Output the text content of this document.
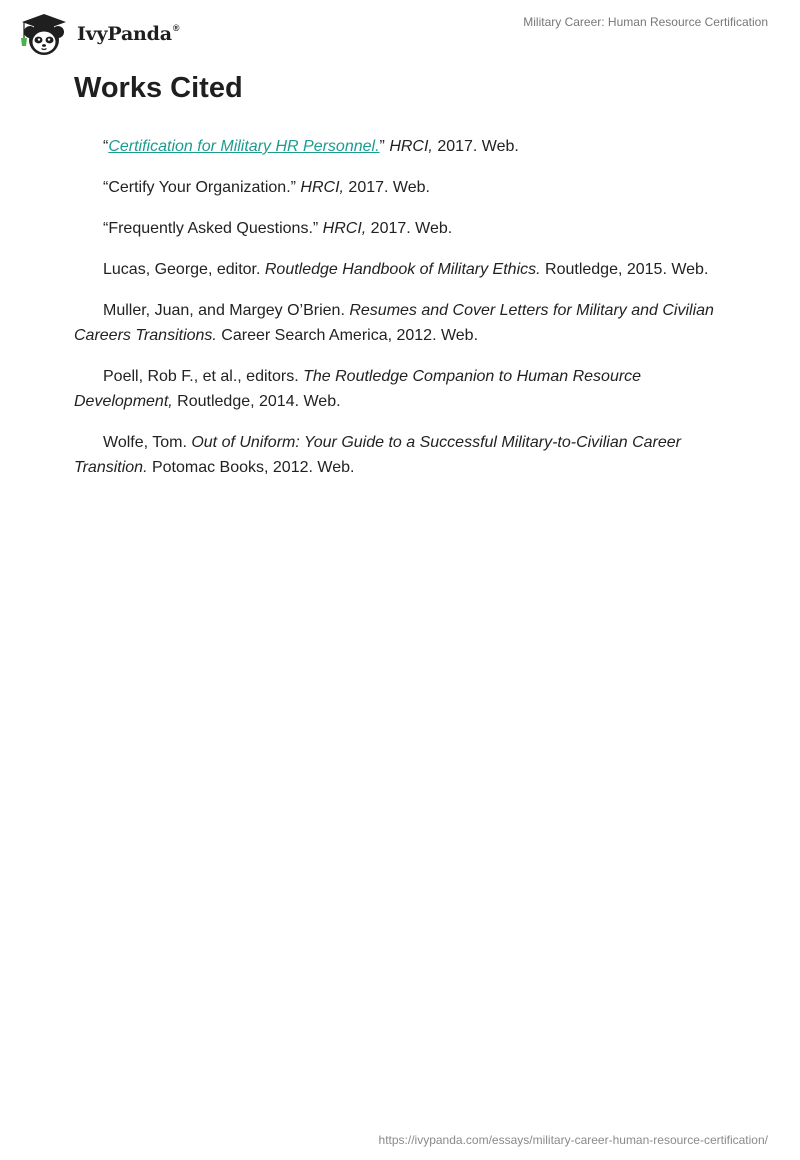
IvyPanda®	Military Career: Human Resource Certification
Works Cited

“Certification for Military HR Personnel.” HRCI, 2017. Web.

“Certify Your Organization.” HRCI, 2017. Web.

“Frequently Asked Questions.” HRCI, 2017. Web.

Lucas, George, editor. Routledge Handbook of Military Ethics. Routledge, 2015. Web.

Muller, Juan, and Margey O’Brien. Resumes and Cover Letters for Military and Civilian Careers Transitions. Career Search America, 2012. Web.

Poell, Rob F., et al., editors. The Routledge Companion to Human Resource Development, Routledge, 2014. Web.

Wolfe, Tom. Out of Uniform: Your Guide to a Successful Military-to-Civilian Career Transition. Potomac Books, 2012. Web.

https://ivypanda.com/essays/military-career-human-resource-certification/
